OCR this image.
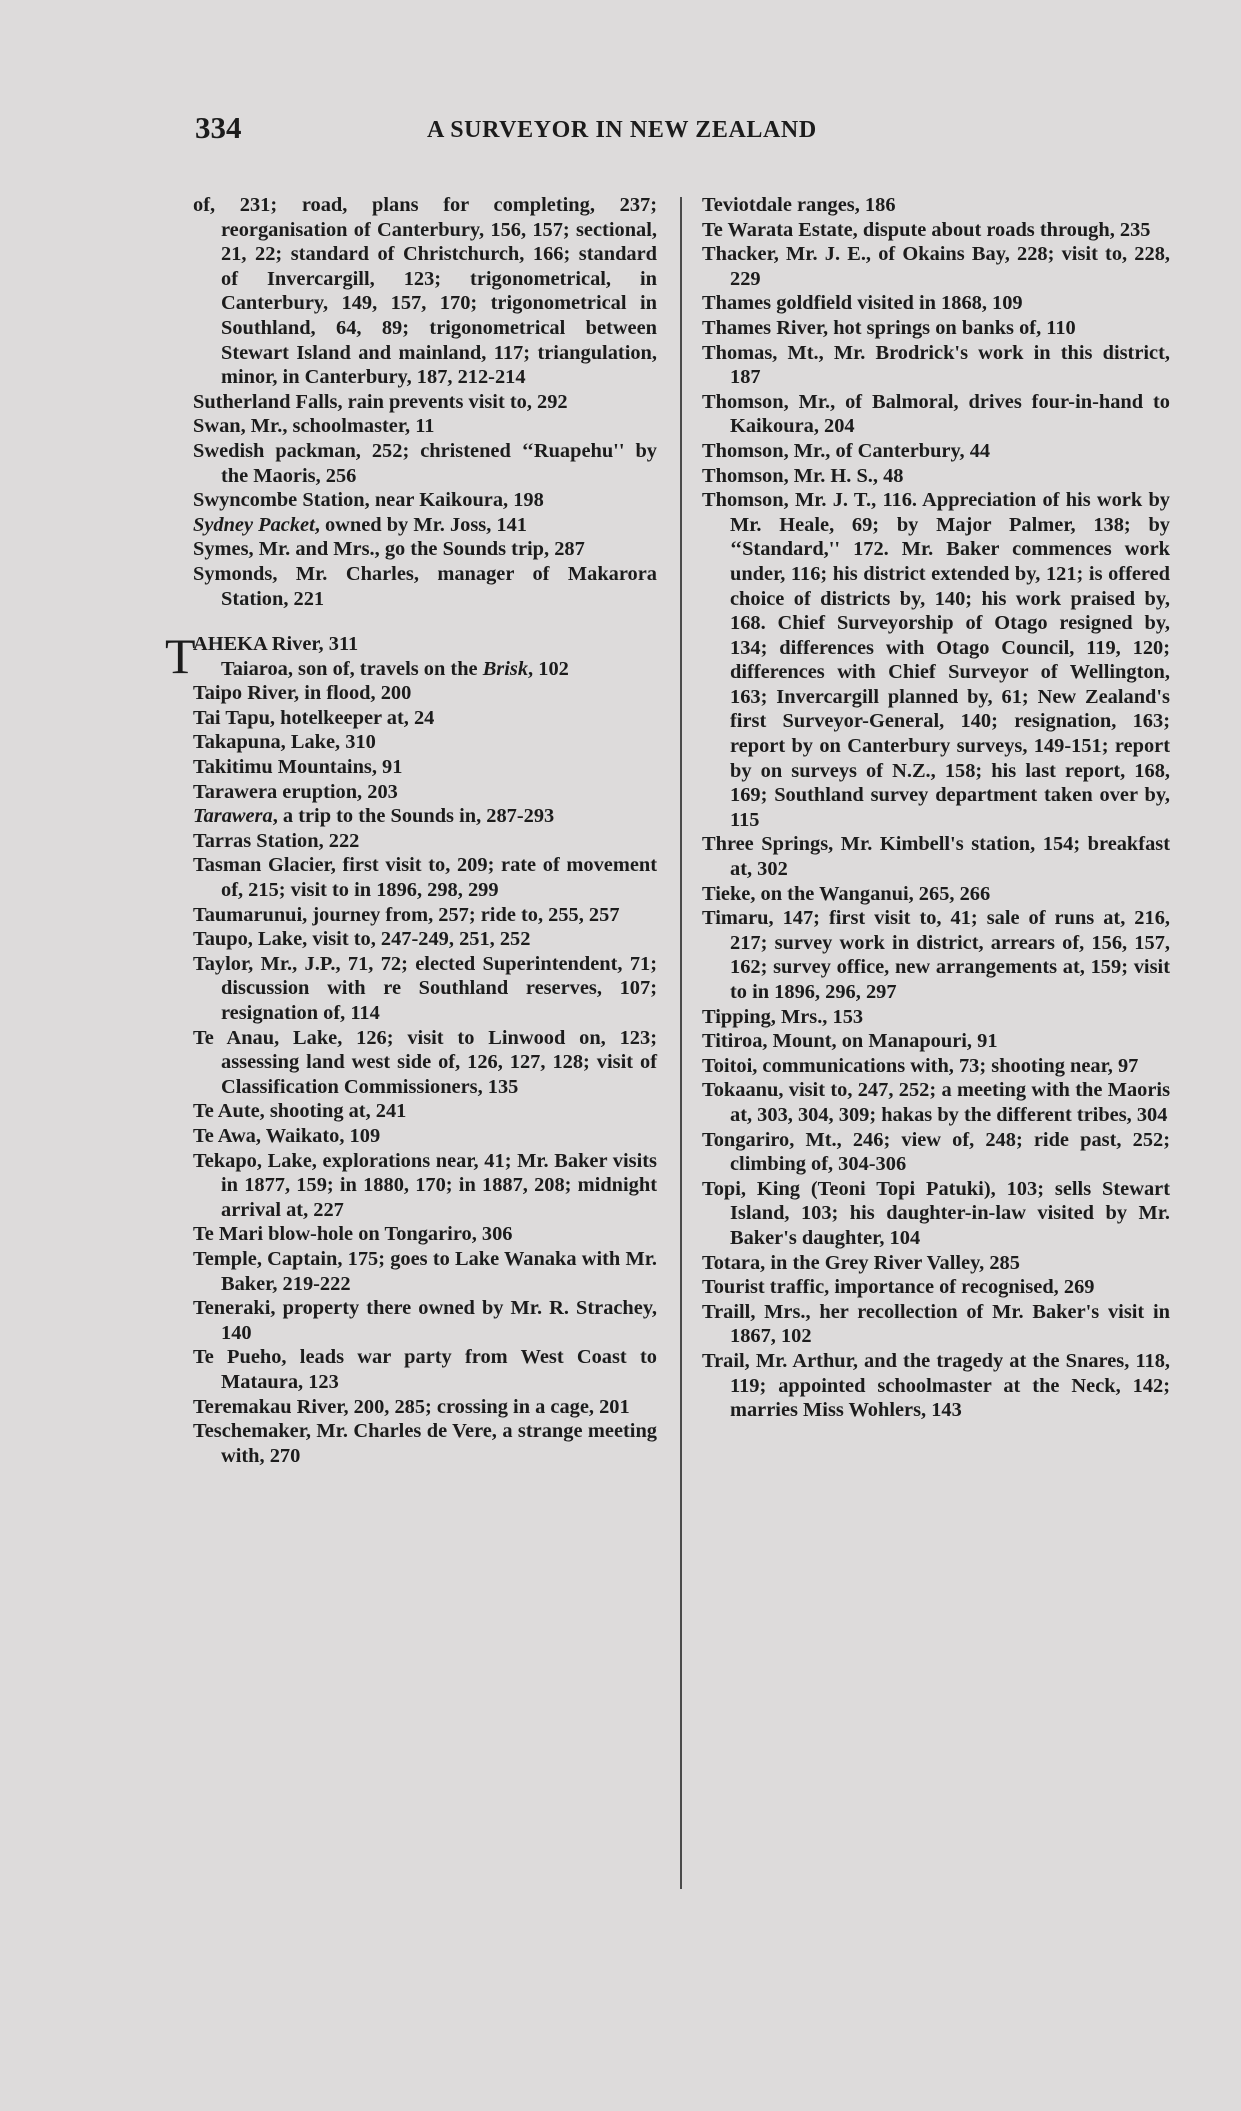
334	A SURVEYOR IN NEW ZEALAND

of, 231; road, plans for completing, 237; reorganisation of Canterbury, 156, 157; sectional, 21, 22; standard of Christchurch, 166; standard of Invercargill, 123; trigonometrical, in Canterbury, 149, 157, 170; trigonometrical in Southland, 64, 89; trigonometrical between Stewart Island and mainland, 117; triangulation, minor, in Canterbury, 187, 212-214

Sutherland Falls, rain prevents visit to, 292

Swan, Mr., schoolmaster, 11

Swedish packman, 252; christened ‘‘Ruapehu'' by the Maoris, 256

Swyncombe Station, near Kaikoura, 198

Sydney Packet, owned by Mr. Joss, 141

Symes, Mr. and Mrs., go the Sounds trip, 287

Symonds, Mr. Charles, manager of Makarora Station, 221

T
AHEKA River, 311

Taiaroa, son of, travels on the Brisk, 102

Taipo River, in flood, 200

Tai Tapu, hotelkeeper at, 24

Takapuna, Lake, 310

Takitimu Mountains, 91

Tarawera eruption, 203

Tarawera, a trip to the Sounds in, 287-293

Tarras Station, 222

Tasman Glacier, first visit to, 209; rate of movement of, 215; visit to in 1896, 298, 299

Taumarunui, journey from, 257; ride to, 255, 257

Taupo, Lake, visit to, 247-249, 251, 252

Taylor, Mr., J.P., 71, 72; elected Superintendent, 71; discussion with re Southland reserves, 107; resignation of, 114

Te Anau, Lake, 126; visit to Linwood on, 123; assessing land west side of, 126, 127, 128; visit of Classification Commissioners, 135

Te Aute, shooting at, 241

Te Awa, Waikato, 109

Tekapo, Lake, explorations near, 41; Mr. Baker visits in 1877, 159; in 1880, 170; in 1887, 208; midnight arrival at, 227

Te Mari blow-hole on Tongariro, 306

Temple, Captain, 175; goes to Lake Wanaka with Mr. Baker, 219-222

Teneraki, property there owned by Mr. R. Strachey, 140

Te Pueho, leads war party from West Coast to Mataura, 123

Teremakau River, 200, 285; crossing in a cage, 201

Teschemaker, Mr. Charles de Vere, a strange meeting with, 270

Teviotdale ranges, 186

Te Warata Estate, dispute about roads through, 235

Thacker, Mr. J. E., of Okains Bay, 228; visit to, 228, 229

Thames goldfield visited in 1868, 109

Thames River, hot springs on banks of, 110

Thomas, Mt., Mr. Brodrick's work in this district, 187

Thomson, Mr., of Balmoral, drives four-in-hand to Kaikoura, 204

Thomson, Mr., of Canterbury, 44

Thomson, Mr. H. S., 48

Thomson, Mr. J. T., 116. Appreciation of his work by Mr. Heale, 69; by Major Palmer, 138; by ‘‘Standard,'' 172. Mr. Baker commences work under, 116; his district extended by, 121; is offered choice of districts by, 140; his work praised by, 168. Chief Surveyorship of Otago resigned by, 134; differences with Otago Council, 119, 120; differences with Chief Surveyor of Wellington, 163; Invercargill planned by, 61; New Zealand's first Surveyor-General, 140; resignation, 163; report by on Canterbury surveys, 149-151; report by on surveys of N.Z., 158; his last report, 168, 169; Southland survey department taken over by, 115

Three Springs, Mr. Kimbell's station, 154; breakfast at, 302

Tieke, on the Wanganui, 265, 266

Timaru, 147; first visit to, 41; sale of runs at, 216, 217; survey work in district, arrears of, 156, 157, 162; survey office, new arrangements at, 159; visit to in 1896, 296, 297

Tipping, Mrs., 153

Titiroa, Mount, on Manapouri, 91

Toitoi, communications with, 73; shooting near, 97

Tokaanu, visit to, 247, 252; a meeting with the Maoris at, 303, 304, 309; hakas by the different tribes, 304

Tongariro, Mt., 246; view of, 248; ride past, 252; climbing of, 304-306

Topi, King (Teoni Topi Patuki), 103; sells Stewart Island, 103; his daughter-in-law visited by Mr. Baker's daughter, 104

Totara, in the Grey River Valley, 285

Tourist traffic, importance of recognised, 269

Traill, Mrs., her recollection of Mr. Baker's visit in 1867, 102

Trail, Mr. Arthur, and the tragedy at the Snares, 118, 119; appointed schoolmaster at the Neck, 142; marries Miss Wohlers, 143
